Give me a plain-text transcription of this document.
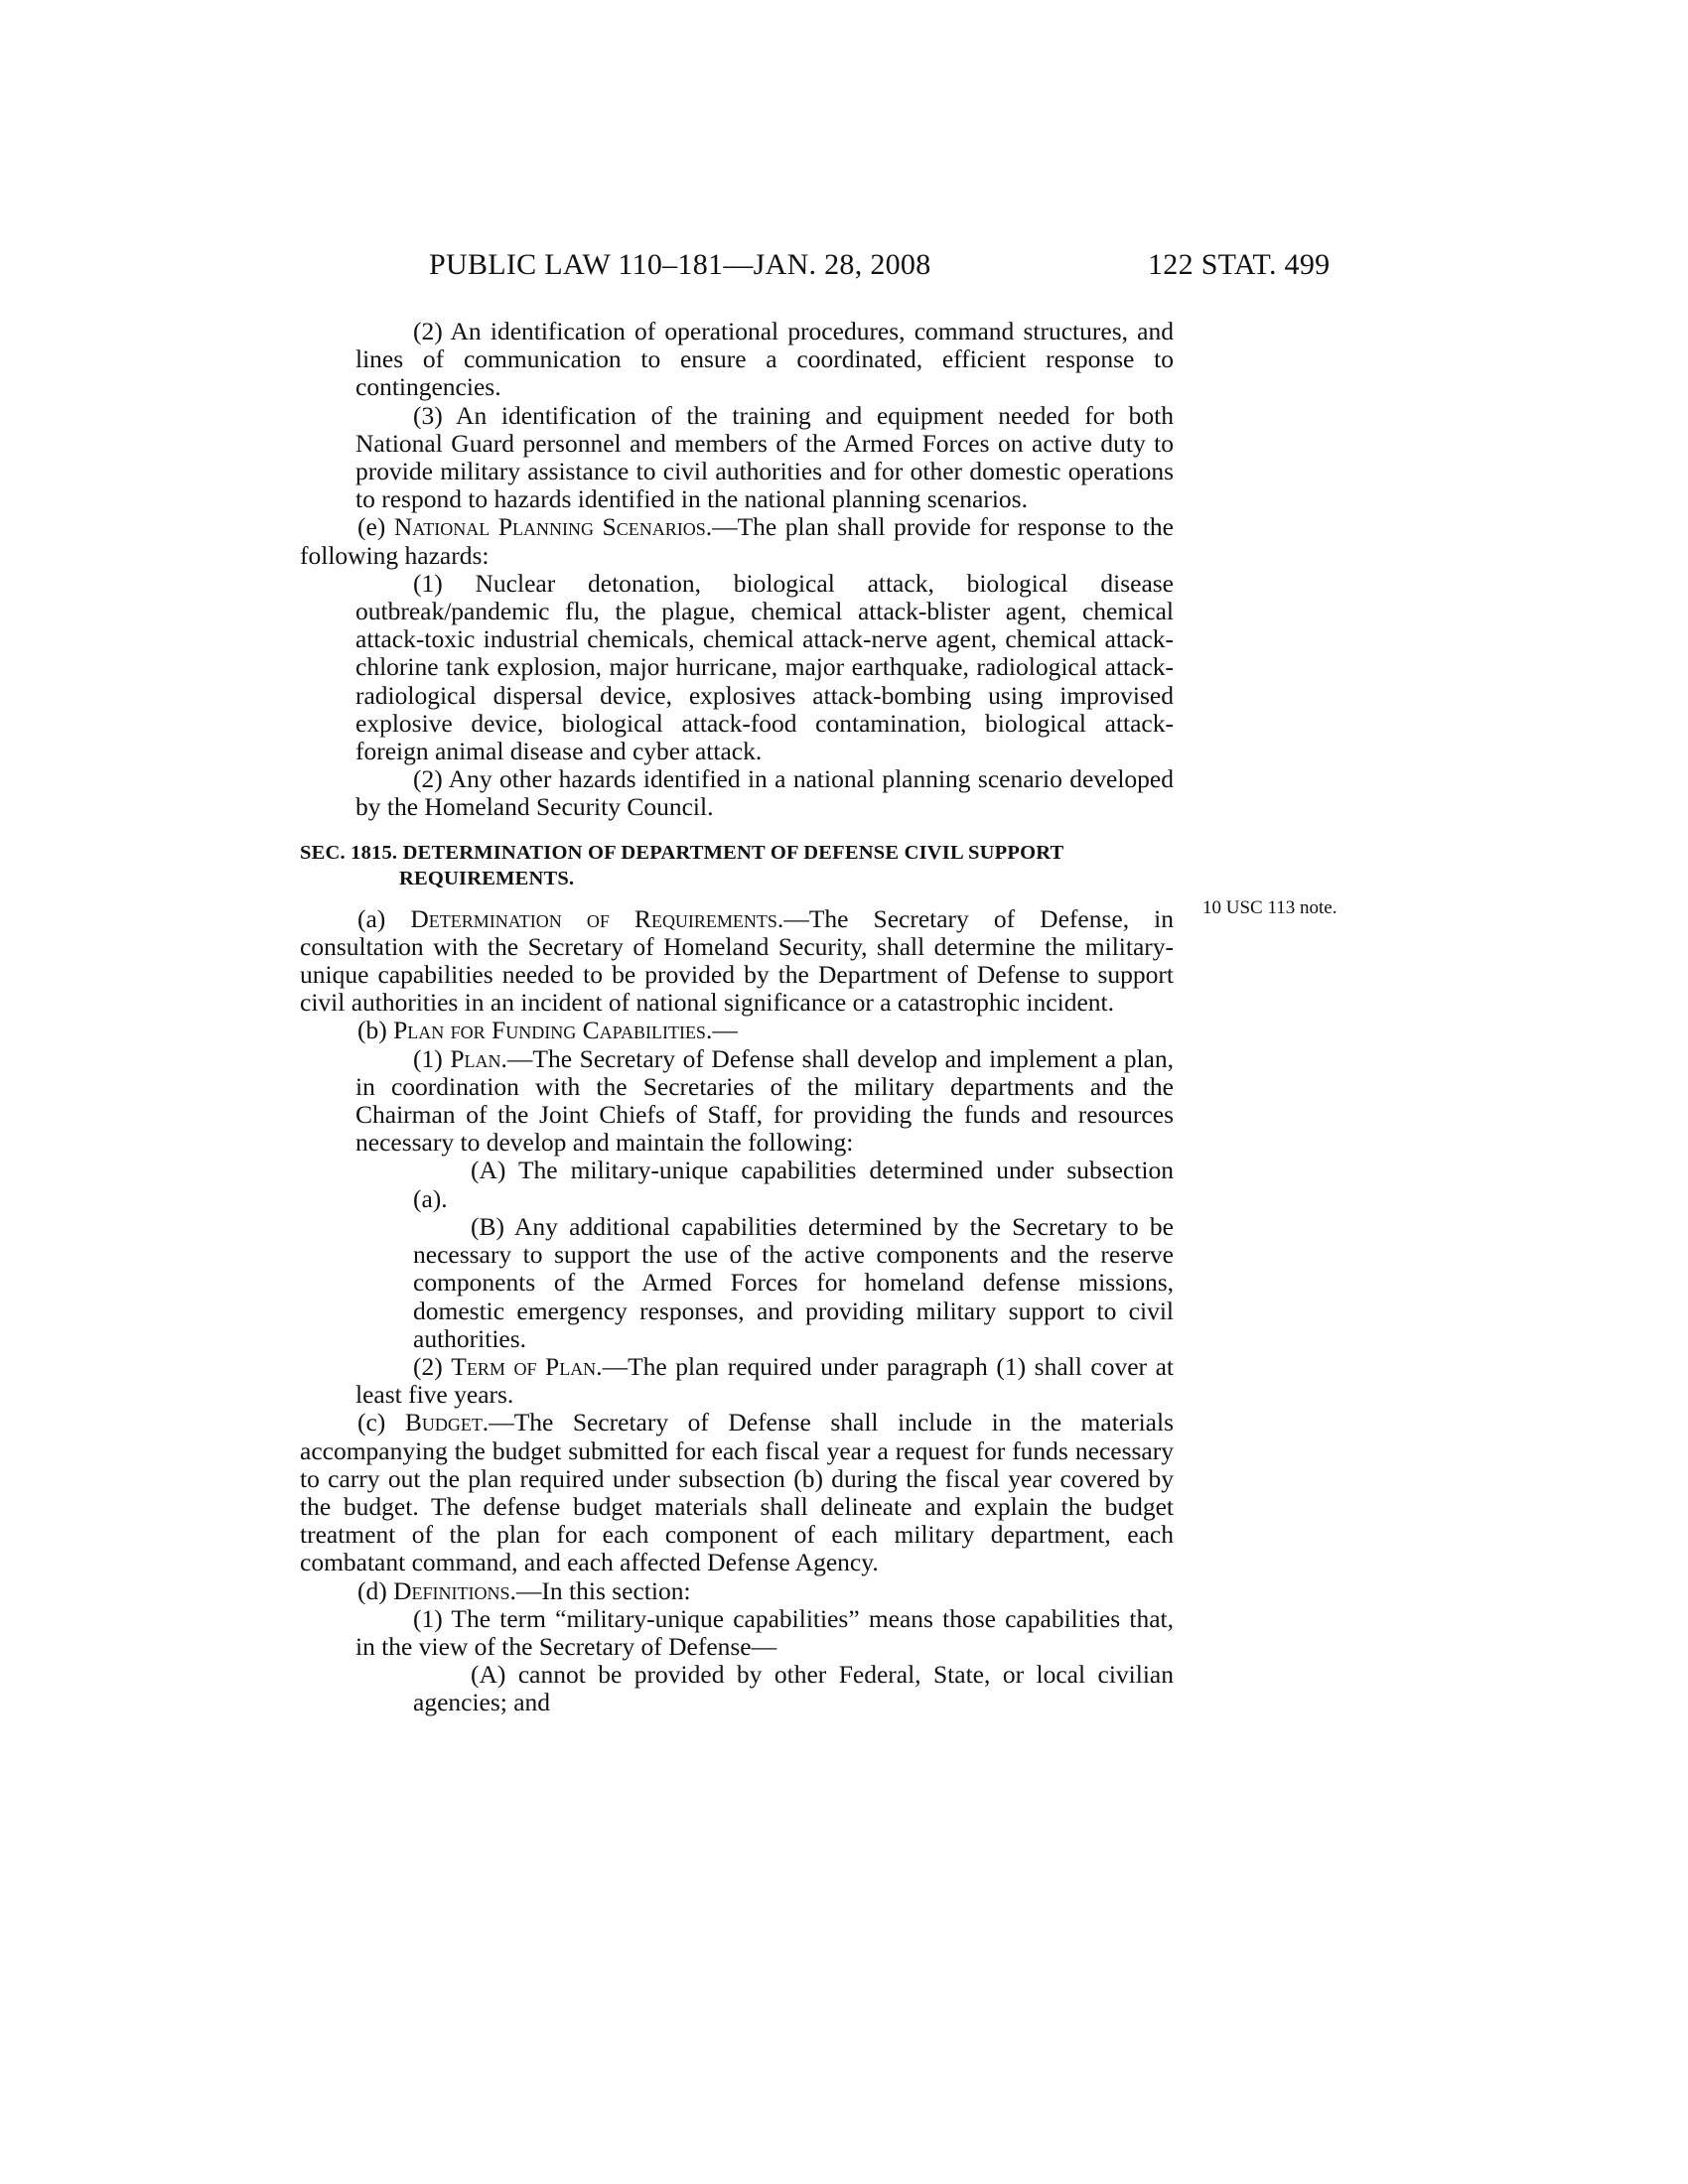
PUBLIC LAW 110–181—JAN. 28, 2008	122 STAT. 499
10 USC 113 note.

(2) An identification of operational procedures, command structures, and lines of communication to ensure a coordinated, efficient response to contingencies.

(3) An identification of the training and equipment needed for both National Guard personnel and members of the Armed Forces on active duty to provide military assistance to civil authorities and for other domestic operations to respond to hazards identified in the national planning scenarios.

(e) National Planning Scenarios.—The plan shall provide for response to the following hazards:

(1) Nuclear detonation, biological attack, biological disease outbreak/pandemic flu, the plague, chemical attack-blister agent, chemical attack-toxic industrial chemicals, chemical attack-nerve agent, chemical attack-chlorine tank explosion, major hurricane, major earthquake, radiological attack-radiological dispersal device, explosives attack-bombing using improvised explosive device, biological attack-food contamination, biological attack-foreign animal disease and cyber attack.

(2) Any other hazards identified in a national planning scenario developed by the Homeland Security Council.

SEC. 1815. DETERMINATION OF DEPARTMENT OF DEFENSE CIVIL SUPPORT REQUIREMENTS.

(a) Determination of Requirements.—The Secretary of Defense, in consultation with the Secretary of Homeland Security, shall determine the military-unique capabilities needed to be provided by the Department of Defense to support civil authorities in an incident of national significance or a catastrophic incident.

(b) Plan for Funding Capabilities.—

(1) Plan.—The Secretary of Defense shall develop and implement a plan, in coordination with the Secretaries of the military departments and the Chairman of the Joint Chiefs of Staff, for providing the funds and resources necessary to develop and maintain the following:

(A) The military-unique capabilities determined under subsection (a).

(B) Any additional capabilities determined by the Secretary to be necessary to support the use of the active components and the reserve components of the Armed Forces for homeland defense missions, domestic emergency responses, and providing military support to civil authorities.

(2) Term of Plan.—The plan required under paragraph (1) shall cover at least five years.

(c) Budget.—The Secretary of Defense shall include in the materials accompanying the budget submitted for each fiscal year a request for funds necessary to carry out the plan required under subsection (b) during the fiscal year covered by the budget. The defense budget materials shall delineate and explain the budget treatment of the plan for each component of each military department, each combatant command, and each affected Defense Agency.

(d) Definitions.—In this section:

(1) The term “military-unique capabilities” means those capabilities that, in the view of the Secretary of Defense—

(A) cannot be provided by other Federal, State, or local civilian agencies; and
